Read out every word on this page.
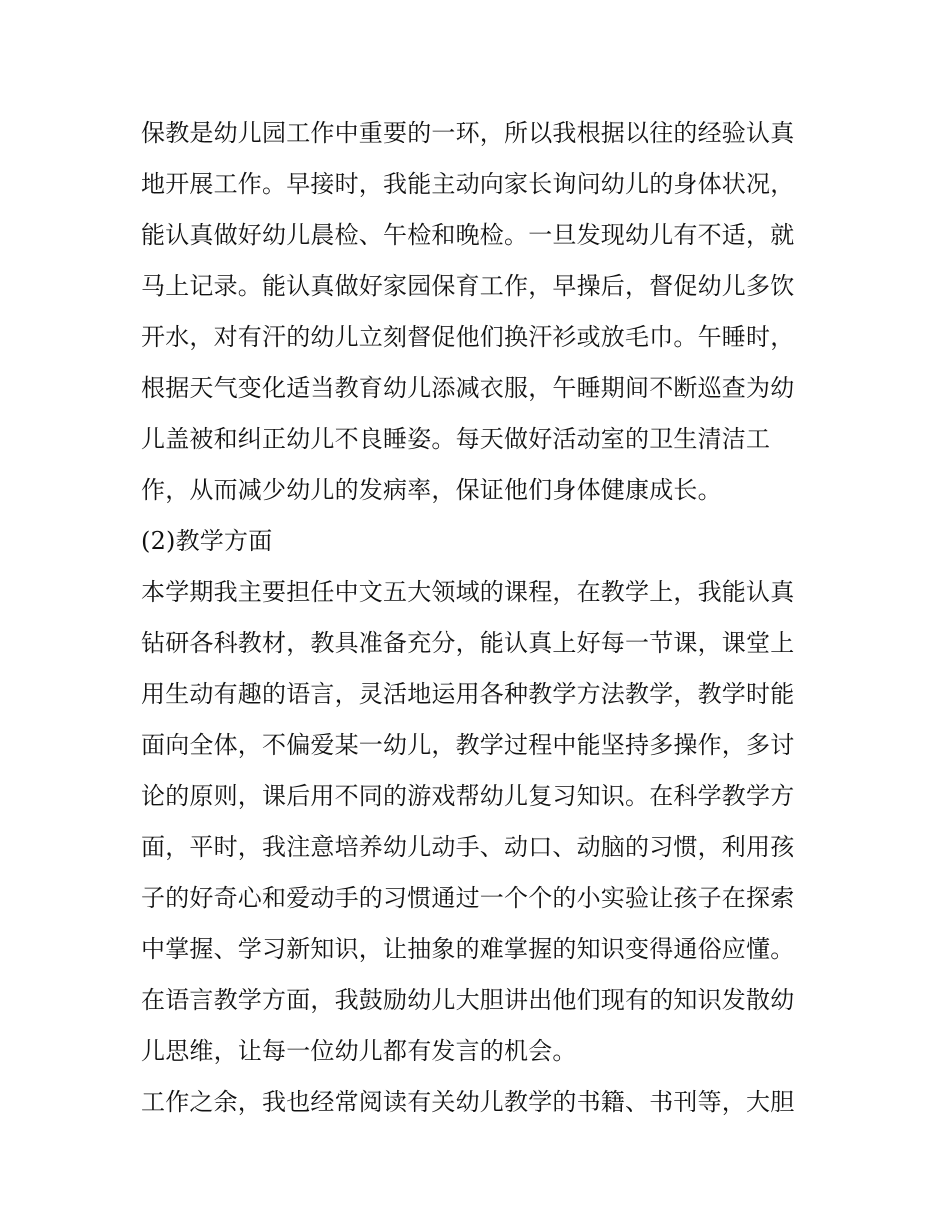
保教是幼儿园工作中重要的一环，所以我根据以往的经验认真
地开展工作。早接时，我能主动向家长询问幼儿的身体状况，
能认真做好幼儿晨检、午检和晚检。一旦发现幼儿有不适，就
马上记录。能认真做好家园保育工作，早操后，督促幼儿多饮
开水，对有汗的幼儿立刻督促他们换汗衫或放毛巾。午睡时，
根据天气变化适当教育幼儿添减衣服，午睡期间不断巡查为幼
儿盖被和纠正幼儿不良睡姿。每天做好活动室的卫生清洁工
作，从而减少幼儿的发病率，保证他们身体健康成长。
(2)教学方面
本学期我主要担任中文五大领域的课程，在教学上，我能认真
钻研各科教材，教具准备充分，能认真上好每一节课，课堂上
用生动有趣的语言，灵活地运用各种教学方法教学，教学时能
面向全体，不偏爱某一幼儿，教学过程中能坚持多操作，多讨
论的原则，课后用不同的游戏帮幼儿复习知识。在科学教学方
面，平时，我注意培养幼儿动手、动口、动脑的习惯，利用孩
子的好奇心和爱动手的习惯通过一个个的小实验让孩子在探索
中掌握、学习新知识，让抽象的难掌握的知识变得通俗应懂。
在语言教学方面，我鼓励幼儿大胆讲出他们现有的知识发散幼
儿思维，让每一位幼儿都有发言的机会。
工作之余，我也经常阅读有关幼儿教学的书籍、书刊等，大胆
